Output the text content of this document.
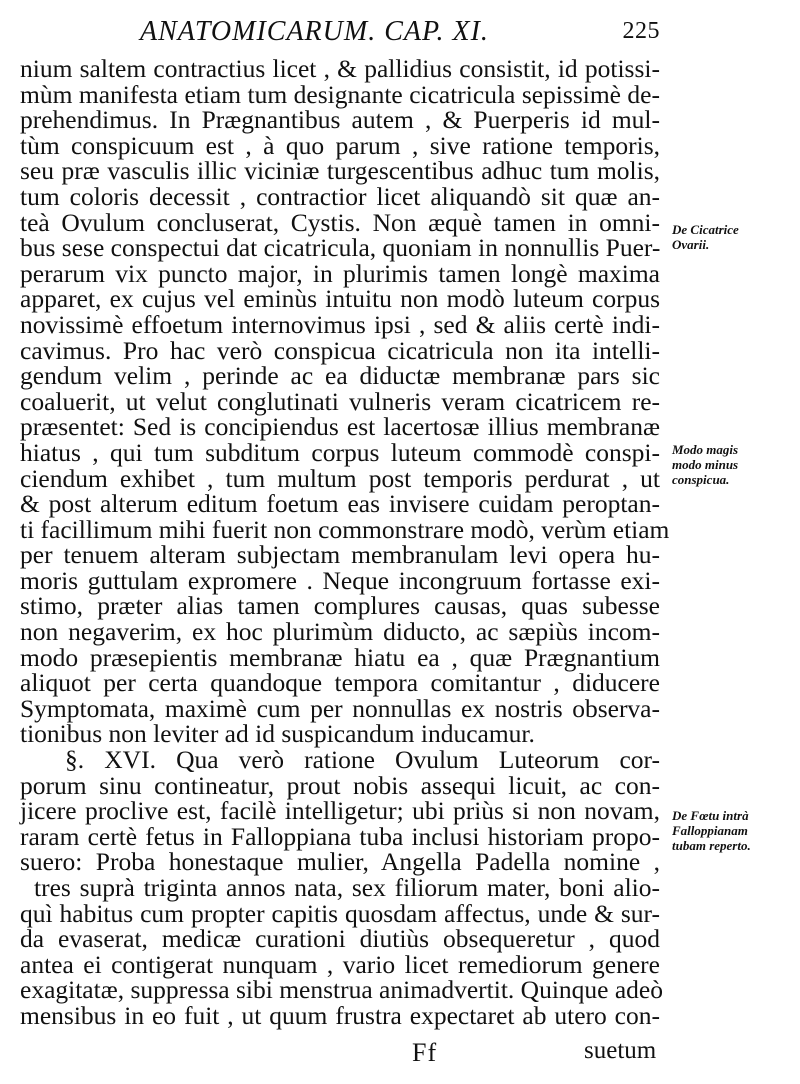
ANATOMICARUM. CAP. XI.	225
nium saltem contractius licet , & pallidius consistit, id potissi-
mùm manifesta etiam tum designante cicatricula sepissimè de-
prehendimus. In Prægnantibus autem , & Puerperis id mul-
tùm conspicuum est , à quo parum , sive ratione temporis,
seu præ vasculis illic viciniæ turgescentibus adhuc tum molis,
tum coloris decessit , contractior licet aliquandò sit quæ an-
teà Ovulum concluserat, Cystis. Non æquè tamen in omni-
bus sese conspectui dat cicatricula, quoniam in nonnullis Puer-
perarum vix puncto major, in plurimis tamen longè maxima
apparet, ex cujus vel eminùs intuitu non modò luteum corpus
novissimè effoetum internovimus ipsi , sed & aliis certè indi-
cavimus. Pro hac verò conspicua cicatricula non ita intelli-
gendum velim , perinde ac ea diductæ membranæ pars sic
coaluerit, ut velut conglutinati vulneris veram cicatricem re-
præsentet: Sed is concipiendus est lacertosæ illius membranæ
hiatus , qui tum subditum corpus luteum commodè conspi-
ciendum exhibet , tum multum post temporis perdurat , ut
& post alterum editum foetum eas invisere cuidam peroptan-
ti facillimum mihi fuerit non commonstrare modò, verùm etiam
per tenuem alteram subjectam membranulam levi opera hu-
moris guttulam expromere . Neque incongruum fortasse exi-
stimo, præter alias tamen complures causas, quas subesse
non negaverim, ex hoc plurimùm diducto, ac sæpiùs incom-
modo præsepientis membranæ hiatu ea , quæ Prægnantium
aliquot per certa quandoque tempora comitantur , diducere
Symptomata, maximè cum per nonnullas ex nostris observa-
tionibus non leviter ad id suspicandum inducamur.
§. XVI. Qua verò ratione Ovulum Luteorum cor-
porum sinu contineatur, prout nobis assequi licuit, ac con-
jicere proclive est, facilè intelligetur; ubi priùs si non novam,
raram certè fetus in Falloppiana tuba inclusi historiam propo-
suero: Proba honestaque mulier, Angella Padella nomine ,
tres suprà triginta annos nata, sex filiorum mater, boni alio-
quì habitus cum propter capitis quosdam affectus, unde & sur-
da evaserat, medicæ curationi diutiùs obsequeretur , quod
antea ei contigerat nunquam , vario licet remediorum genere
exagitatæ, suppressa sibi menstrua animadvertit. Quinque adeò
mensibus in eo fuit , ut quum frustra expectaret ab utero con-
De Cicatrice
Ovarii.
Modo magis
modo minus
conspicua.
De Fœtu intrà
Falloppianam
tubam reperto.
Ff	suetum
